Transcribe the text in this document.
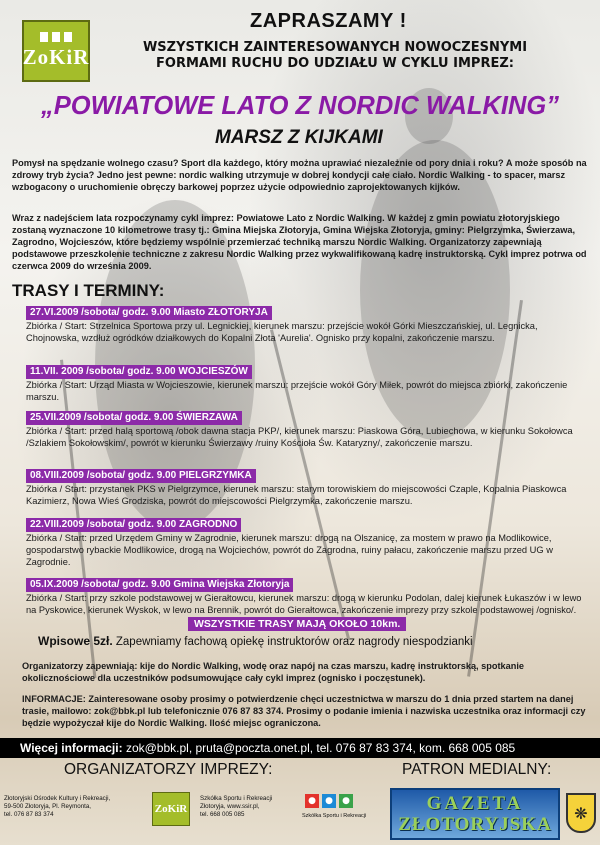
ZoKiR
ZAPRASZAMY !
WSZYSTKICH ZAINTERESOWANYCH NOWOCZESNYMI
FORMAMI RUCHU DO UDZIAŁU W CYKLU IMPREZ:
„POWIATOWE LATO Z NORDIC WALKING”
MARSZ Z KIJKAMI
Pomysł na spędzanie wolnego czasu? Sport dla każdego, który można uprawiać niezależnie od pory dnia i roku? A może sposób na zdrowy tryb życia? Jedno jest pewne: nordic walking utrzymuje w dobrej kondycji całe ciało. Nordic Walking - to spacer, marsz wzbogacony o uruchomienie obręczy barkowej poprzez użycie odpowiednio zaprojektowanych kijków.
Wraz z nadejściem lata rozpoczynamy cykl imprez: Powiatowe Lato z Nordic Walking. W każdej z gmin powiatu złotoryjskiego zostaną wyznaczone 10 kilometrowe trasy tj.: Gmina Miejska Złotoryja, Gmina Wiejska Złotoryja, gminy: Pielgrzymka, Świerzawa, Zagrodno, Wojcieszów, które będziemy wspólnie przemierzać techniką marszu Nordic Walking. Organizatorzy zapewniają podstawowe przeszkolenie techniczne z zakresu Nordic Walking przez wykwalifikowaną kadrę instruktorską. Cykl imprez potrwa od czerwca 2009 do września 2009.
TRASY I TERMINY:
27.VI.2009 /sobota/ godz. 9.00 Miasto ZŁOTORYJA
Zbiórka / Start: Strzelnica Sportowa przy ul. Legnickiej, kierunek marszu: przejście wokół Górki Mieszczańskiej, ul. Legnicka, Chojnowska, wzdłuż ogródków działkowych do Kopalni Złota 'Aurelia'. Ognisko przy kopalni, zakończenie marszu.
11.VII. 2009 /sobota/ godz. 9.00 WOJCIESZÓW
Zbiórka / Start: Urząd Miasta w Wojcieszowie, kierunek marszu: przejście wokół Góry Miłek, powrót do miejsca zbiórki, zakończenie marszu.
25.VII.2009 /sobota/ godz. 9.00 ŚWIERZAWA
Zbiórka / Start: przed halą sportową /obok dawna stacja PKP/, kierunek marszu: Piaskowa Góra, Lubiechowa, w kierunku Sokołowca /Szlakiem Sokołowskim/, powrót w kierunku Świerzawy /ruiny Kościoła Św. Kataryzny/, zakończenie marszu.
08.VIII.2009 /sobota/ godz. 9.00 PIELGRZYMKA
Zbiórka / Start: przystanek PKS w Pielgrzymce, kierunek marszu: starym torowiskiem do miejscowości Czaple, Kopalnia Piaskowca Kazimierz, Nowa Wieś Grodziska, powrót do miejscowości Pielgrzymka, zakończenie marszu.
22.VIII.2009 /sobota/ godz. 9.00 ZAGRODNO
Zbiórka / Start: przed Urzędem Gminy w Zagrodnie, kierunek marszu: drogą na Olszanicę, za mostem w prawo na Modlikowice, gospodarstwo rybackie Modlikowice, drogą na Wojciechów, powrót do Zagrodna, ruiny pałacu, zakończenie marszu przed UG w Zagrodnie.
05.IX.2009 /sobota/ godz. 9.00 Gmina Wiejska Złotoryja
Zbiórka / Start: przy szkole podstawowej w Gierałtowcu, kierunek marszu: drogą w kierunku Podolan, dalej kierunek Łukaszów i w lewo na Pyskowice, kierunek Wyskok, w lewo na Brennik, powrót do Gierałtowca, zakończenie imprezy przy szkole podstawowej /ognisko/.
WSZYSTKIE TRASY MAJĄ OKOŁO 10km.
Wpisowe 5zł. Zapewniamy fachową opiekę instruktorów oraz nagrody niespodzianki
Organizatorzy zapewniają: kije do Nordic Walking, wodę oraz napój na czas marszu, kadrę instruktorską, spotkanie okolicznościowe dla uczestników podsumowujące cały cykl imprez (ognisko i poczęstunek).
INFORMACJE: Zainteresowane osoby prosimy o potwierdzenie chęci uczestnictwa w marszu do 1 dnia przed startem na danej trasie, mailowo: zok@bbk.pl lub telefonicznie 076 87 83 374. Prosimy o podanie imienia i nazwiska uczestnika oraz informacji czy będzie wypożyczał kije do Nordic Walking. Ilość miejsc ograniczona.
Więcej informacji: zok@bbk.pl, pruta@poczta.onet.pl, tel. 076 87 83 374, kom. 668 005 085
ORGANIZATORZY IMPREZY:	PATRON MEDIALNY:
Złotoryjski Ośrodek Kultury i Rekreacji,
59-500 Złotoryja, Pl. Reymonta,
tel. 076 87 83 374	ZoKiR
Szkółka Sportu i Rekreacji
Złotoryja, www.ssir.pl,
tel. 668 005 085
●	●	●
Szkółka Sportu i Rekreacji
GAZETA
ZŁOTORYJSKA
❋
